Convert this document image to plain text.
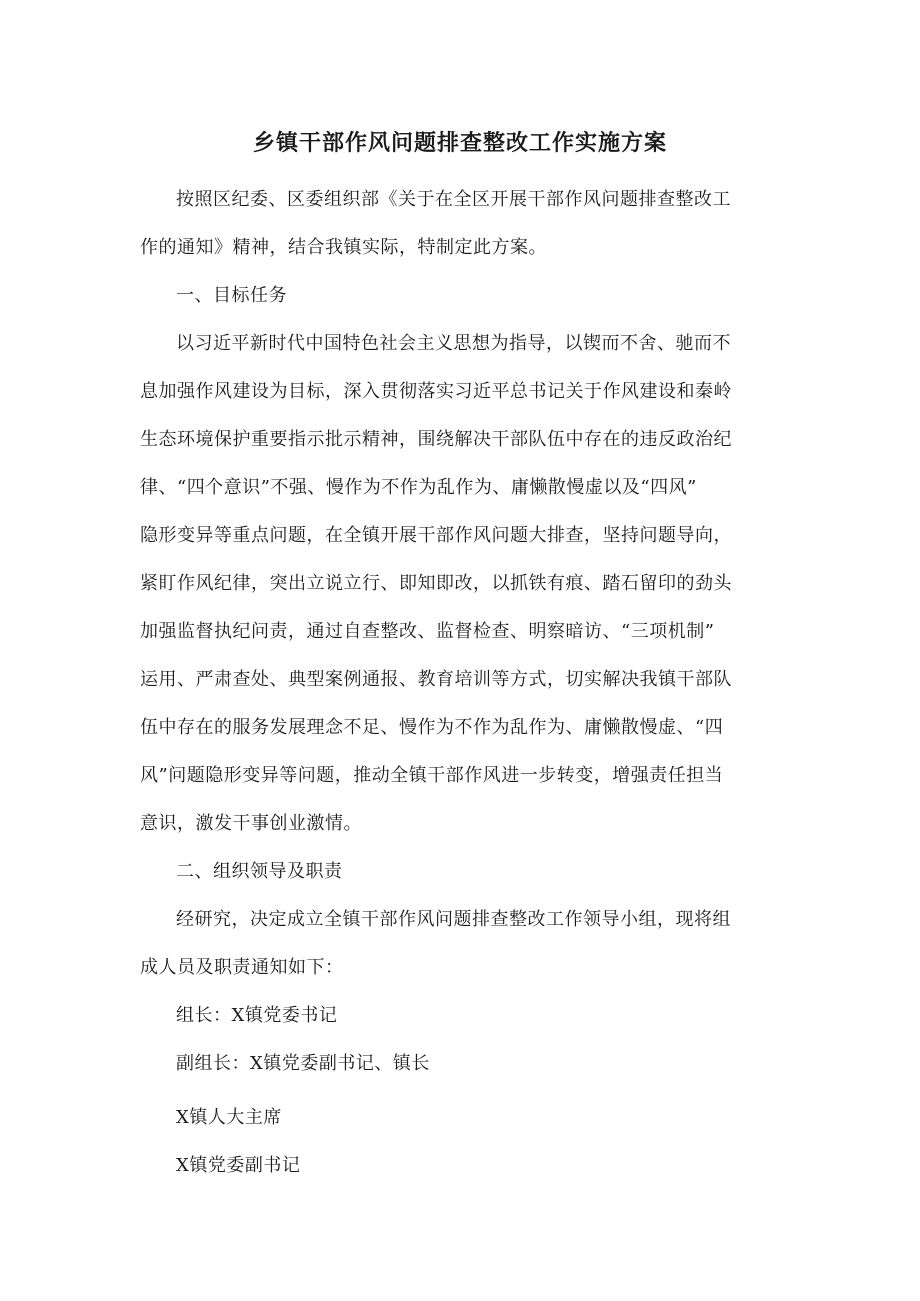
乡镇干部作风问题排查整改工作实施方案
按照区纪委、区委组织部《关于在全区开展干部作风问题排查整改工
作的通知》精神，结合我镇实际，特制定此方案。
一、目标任务
以习近平新时代中国特色社会主义思想为指导，以锲而不舍、驰而不
息加强作风建设为目标，深入贯彻落实习近平总书记关于作风建设和秦岭
生态环境保护重要指示批示精神，围绕解决干部队伍中存在的违反政治纪
律、“四个意识”不强、慢作为不作为乱作为、庸懒散慢虚以及“四风”
隐形变异等重点问题，在全镇开展干部作风问题大排查，坚持问题导向，
紧盯作风纪律，突出立说立行、即知即改，以抓铁有痕、踏石留印的劲头
加强监督执纪问责，通过自查整改、监督检查、明察暗访、“三项机制”
运用、严肃查处、典型案例通报、教育培训等方式，切实解决我镇干部队
伍中存在的服务发展理念不足、慢作为不作为乱作为、庸懒散慢虚、“四
风”问题隐形变异等问题，推动全镇干部作风进一步转变，增强责任担当
意识，激发干事创业激情。
二、组织领导及职责
经研究，决定成立全镇干部作风问题排查整改工作领导小组，现将组
成人员及职责通知如下：
组长：X镇党委书记
副组长：X镇党委副书记、镇长
X镇人大主席
X镇党委副书记
